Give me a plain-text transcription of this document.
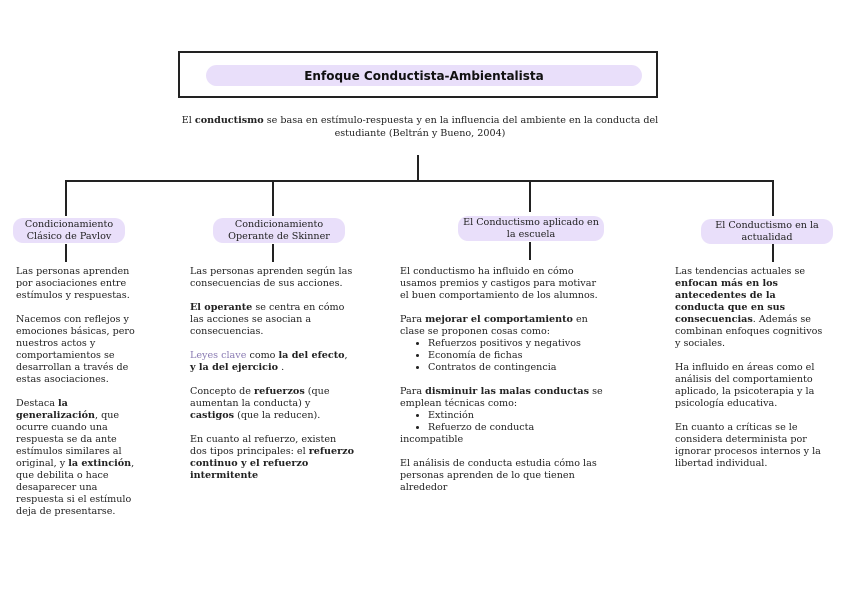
Enfoque Conductista-Ambientalista
El conductismo se basa en estímulo-respuesta y en la influencia del ambiente en la conducta del estudiante (Beltrán y Bueno, 2004)
Condicionamiento Clásico de Pavlov
Condicionamiento Operante de Skinner
El Conductismo aplicado en la escuela
El Conductismo en la actualidad

Las personas aprenden por asociaciones entre estímulos y respuestas.

Nacemos con reflejos y emociones básicas, pero nuestros actos y comportamientos se desarrollan a través de estas asociaciones.

Destaca la generalización, que ocurre cuando una respuesta se da ante estímulos similares al original, y la extinción, que debilita o hace desaparecer una respuesta si el estímulo deja de presentarse.

Las personas aprenden según las consecuencias de sus acciones.

El operante se centra en cómo las acciones se asocian a consecuencias.

Leyes clave como la del efecto, y la del ejercicio .

Concepto de refuerzos (que aumentan la conducta) y castigos (que la reducen).

En cuanto al refuerzo, existen dos tipos principales: el refuerzo continuo y el refuerzo intermitente

El conductismo ha influido en cómo usamos premios y castigos para motivar el buen comportamiento de los alumnos.

Para mejorar el comportamiento en clase se proponen cosas como:

• Refuerzos positivos y negativos
• Economía de fichas
• Contratos de contingencia

Para disminuir las malas conductas se emplean técnicas como:

• Extinción
• Refuerzo de conducta

incompatible

El análisis de conducta estudia cómo las personas aprenden de lo que tienen alrededor

Las tendencias actuales se enfocan más en los antecedentes de la conducta que en sus consecuencias. Además se combinan enfoques cognitivos y sociales.

Ha influido en áreas como el análisis del comportamiento aplicado, la psicoterapia y la psicología educativa.

En cuanto a críticas se le considera determinista por ignorar procesos internos y la libertad individual.
